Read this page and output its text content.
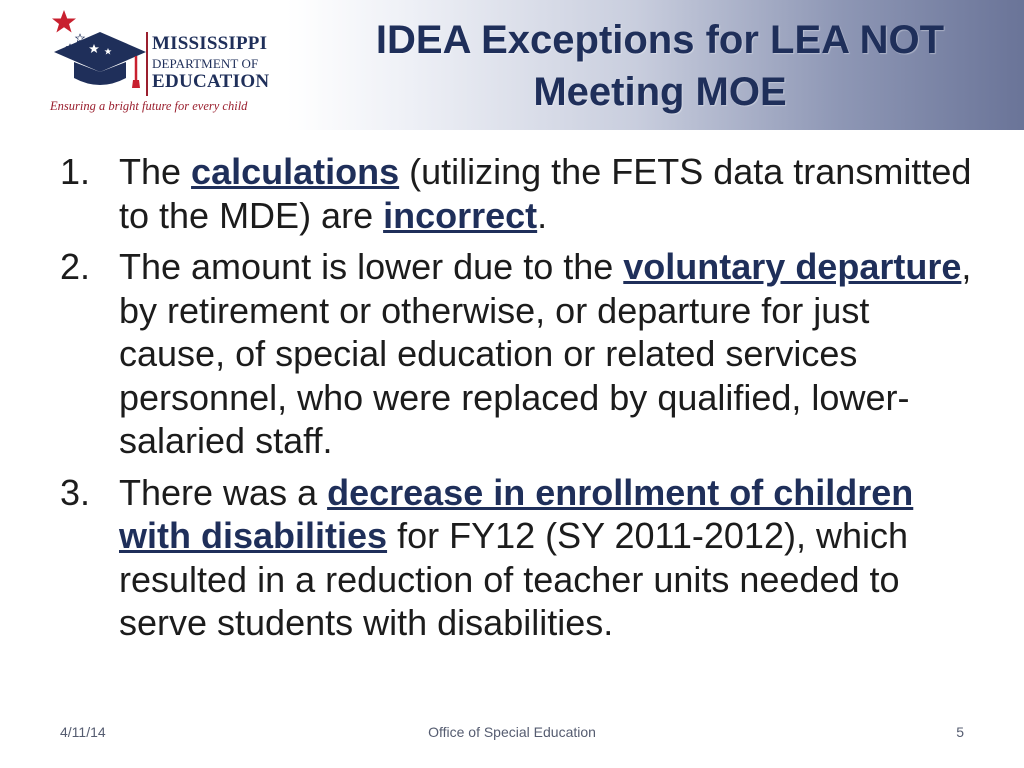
MISSISSIPPI
DEPARTMENT OF
EDUCATION
Ensuring a bright future for every child
IDEA Exceptions for LEA NOT Meeting MOE
1. The calculations (utilizing the FETS data transmitted to the MDE) are incorrect.
2. The amount is lower due to the voluntary departure, by retirement or otherwise, or departure for just cause, of special education or related services personnel, who were replaced by qualified, lower-salaried staff.
3. There was a decrease in enrollment of children with disabilities for FY12 (SY 2011-2012), which resulted in a reduction of teacher units needed to serve students with disabilities.
4/11/14	Office of Special Education	5
